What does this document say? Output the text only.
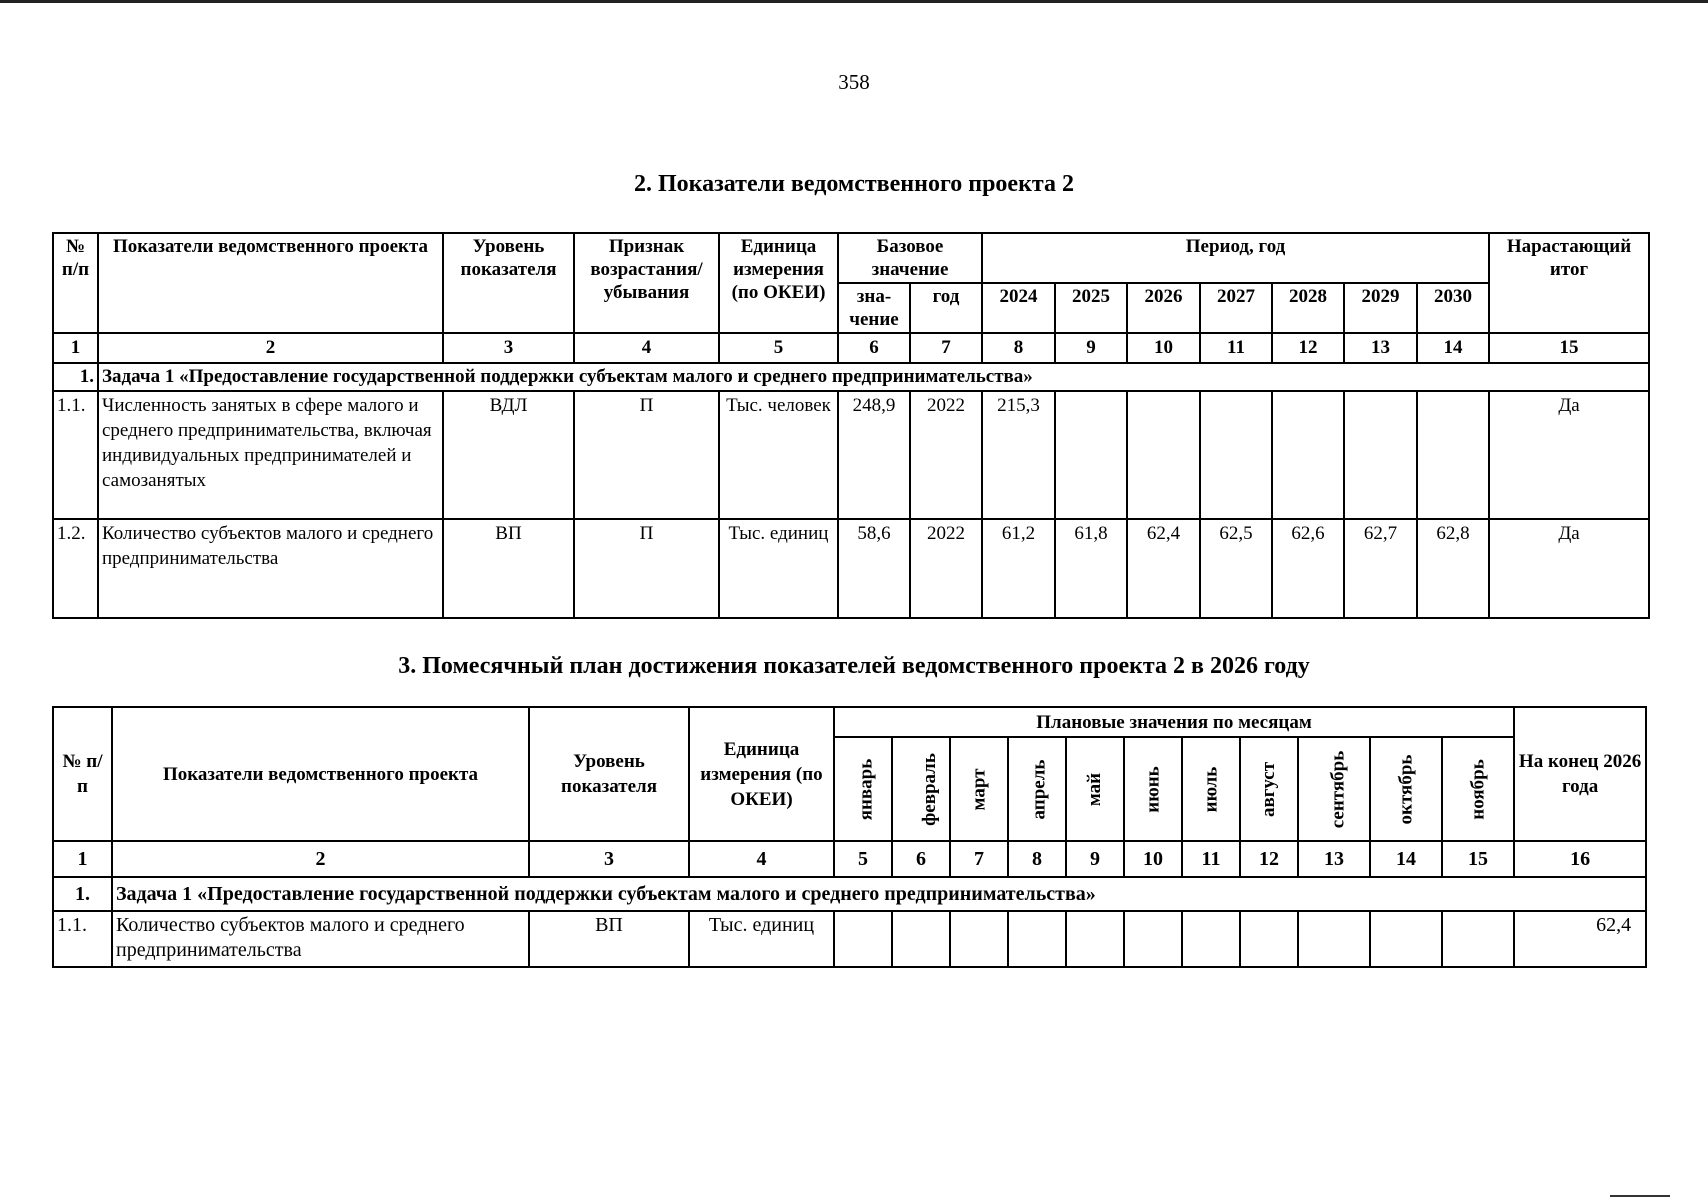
358
2. Показатели ведомственного проекта 2
№ п/п	Показатели ведомственного проекта	Уровень показателя	Признак возрастания/ убывания	Единица измерения (по ОКЕИ)	Базовое значение		Период, год							Нарастающий итог
					зна- чение	год	2024	2025	2026	2027	2028	2029	2030	
1	2	3	4	5	6	7	8	9	10	11	12	13	14	15
1.	Задача 1 «Предоставление государственной поддержки субъектам малого и среднего предпринимательства»													
1.1.	Численность занятых в сфере малого и среднего предпринимательства, включая индивидуальных предпринимателей и самозанятых	ВДЛ	П	Тыс. человек	248,9	2022	215,3							Да
1.2.	Количество субъектов малого и среднего предпринимательства	ВП	П	Тыс. единиц	58,6	2022	61,2	61,8	62,4	62,5	62,6	62,7	62,8	Да
3. Помесячный план достижения показателей ведомственного проекта 2 в 2026 году
№ п/п	Показатели ведомственного проекта	Уровень показателя	Единица измерения (по ОКЕИ)	Плановые значения по месяцам											На конец 2026 года
				январь	февраль	март	апрель	май	июнь	июль	август	сентябрь	октябрь	ноябрь	
1	2	3	4	5	6	7	8	9	10	11	12	13	14	15	16
1.	Задача 1 «Предоставление государственной поддержки субъектам малого и среднего предпринимательства»														
1.1.	Количество субъектов малого и среднего предпринимательства	ВП	Тыс. единиц												62,4
